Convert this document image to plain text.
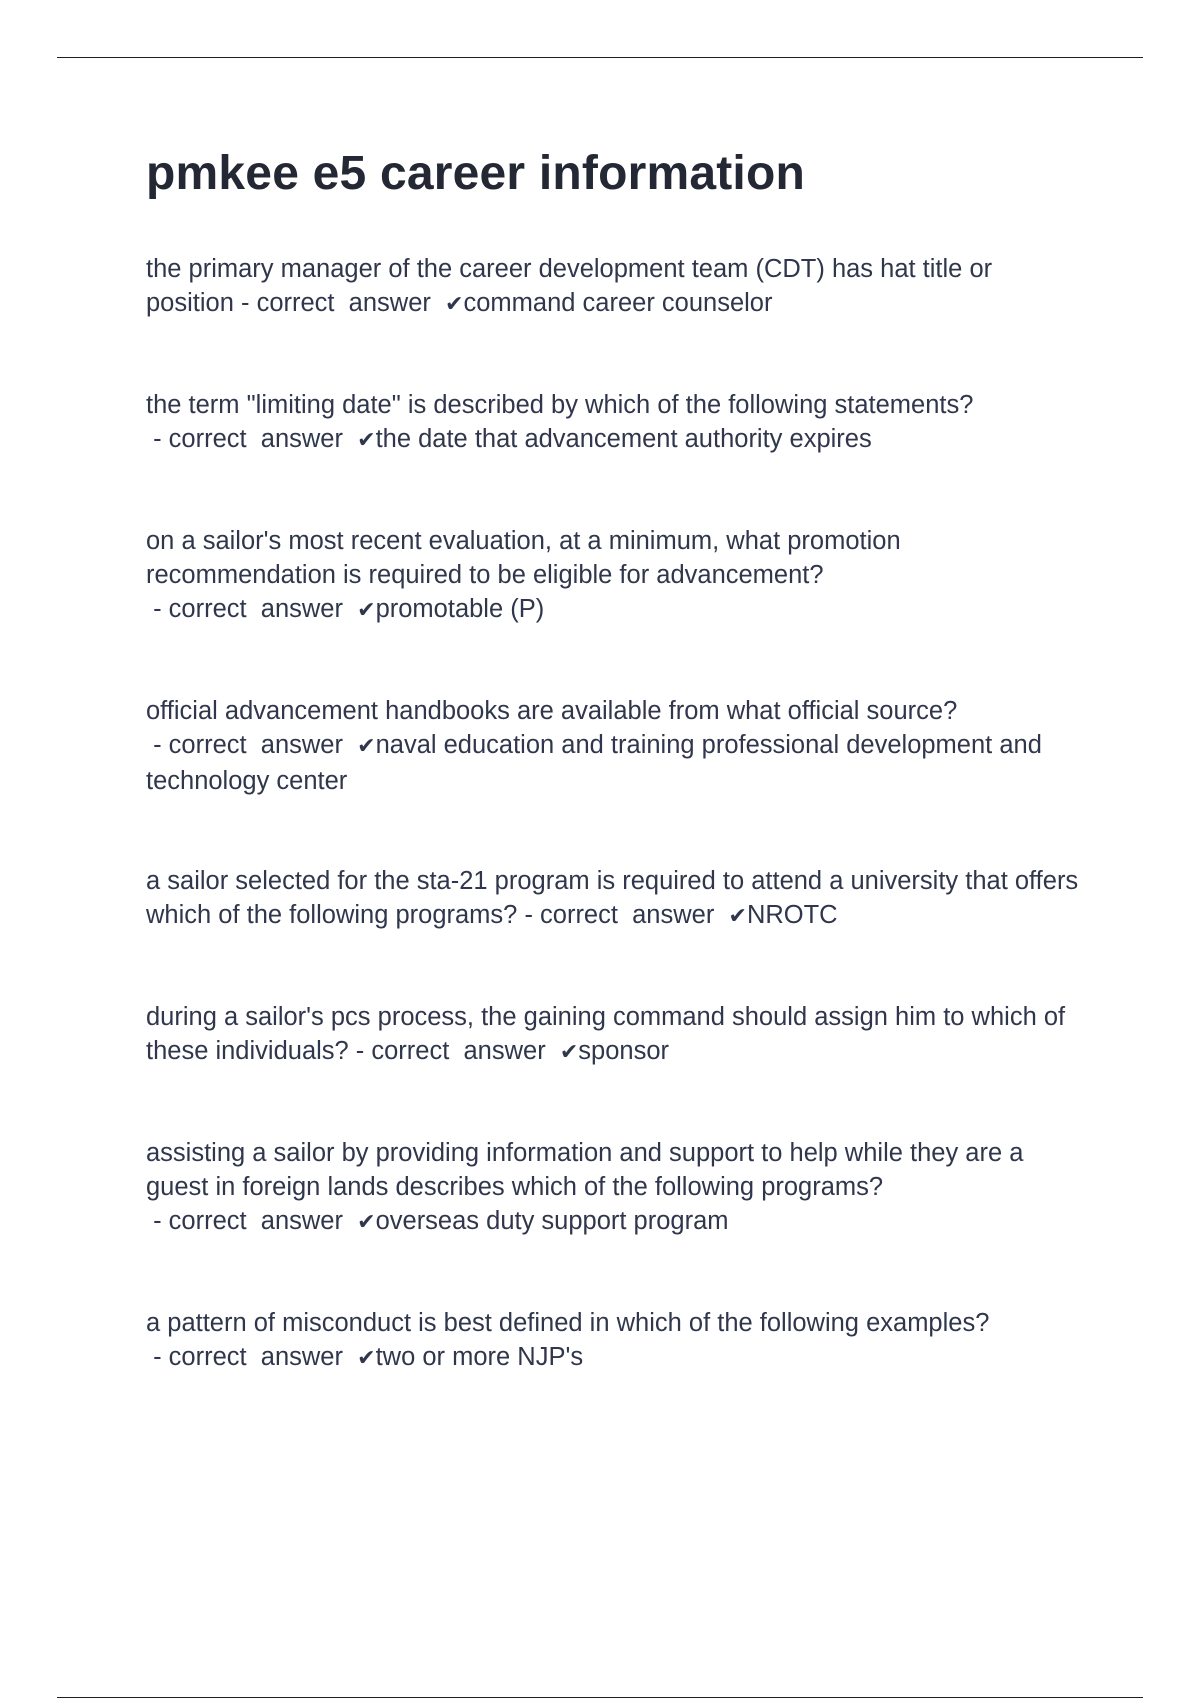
pmkee e5 career information

the primary manager of the career development team (CDT) has hat title or position - correct  answer  ✔command career counselor

the term "limiting date" is described by which of the following statements? - correct  answer  ✔the date that advancement authority expires

on a sailor's most recent evaluation, at a minimum, what promotion recommendation is required to be eligible for advancement? - correct  answer  ✔promotable (P)

official advancement handbooks are available from what official source? - correct  answer  ✔naval education and training professional development and technology center

a sailor selected for the sta-21 program is required to attend a university that offers which of the following programs? - correct  answer  ✔NROTC

during a sailor's pcs process, the gaining command should assign him to which of these individuals? - correct  answer  ✔sponsor

assisting a sailor by providing information and support to help while they are a guest in foreign lands describes which of the following programs? - correct  answer  ✔overseas duty support program

a pattern of misconduct is best defined in which of the following examples? - correct  answer  ✔two or more NJP's
